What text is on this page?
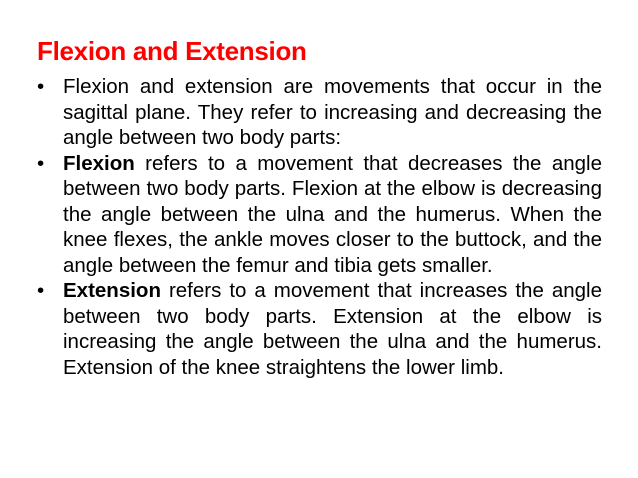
Flexion and Extension
• Flexion and extension are movements that occur in the sagittal plane. They refer to increasing and decreasing the angle between two body parts:
• Flexion refers to a movement that decreases the angle between two body parts. Flexion at the elbow is decreasing the angle between the ulna and the humerus. When the knee flexes, the ankle moves closer to the buttock, and the angle between the femur and tibia gets smaller.
• Extension refers to a movement that increases the angle between two body parts. Extension at the elbow is increasing the angle between the ulna and the humerus. Extension of the knee straightens the lower limb.
